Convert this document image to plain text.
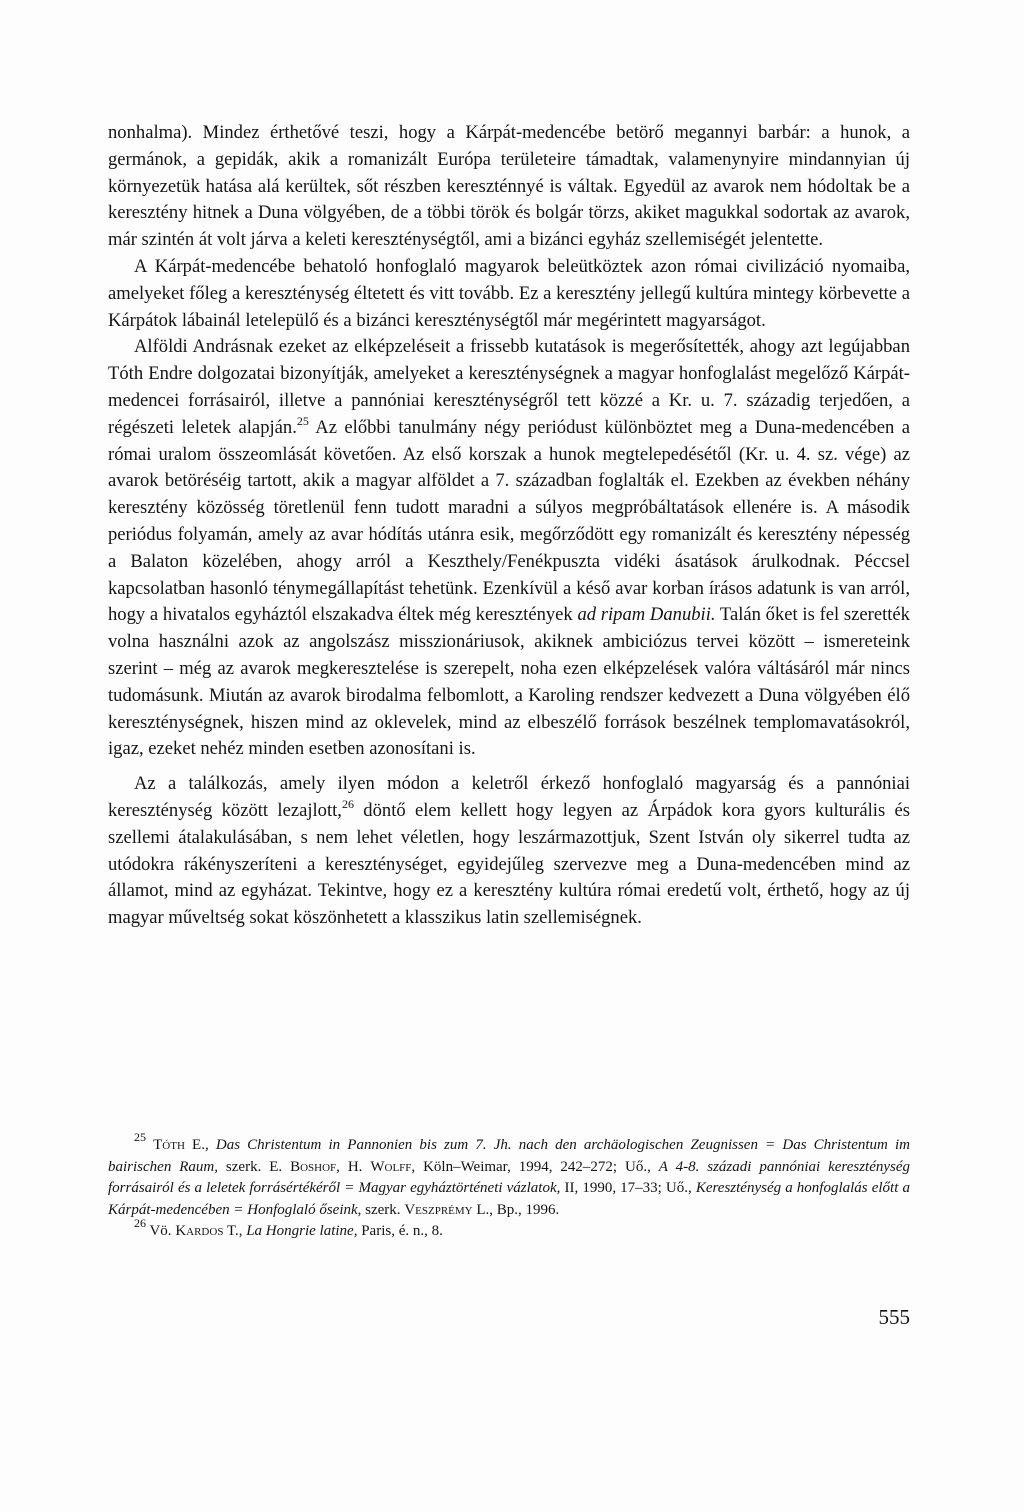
nonhalma). Mindez érthetővé teszi, hogy a Kárpát-medencébe betörő megannyi barbár: a hunok, a germánok, a gepidák, akik a romanizált Európa területeire támadtak, valamenynyire mindannyian új környezetük hatása alá kerültek, sőt részben kereszténnyé is váltak. Egyedül az avarok nem hódoltak be a keresztény hitnek a Duna völgyében, de a többi török és bolgár törzs, akiket magukkal sodortak az avarok, már szintén át volt járva a keleti kereszténységtől, ami a bizánci egyház szellemiségét jelentette.

A Kárpát-medencébe behatoló honfoglaló magyarok beleütköztek azon római civilizáció nyomaiba, amelyeket főleg a kereszténység éltetett és vitt tovább. Ez a keresztény jellegű kultúra mintegy körbevette a Kárpátok lábainál letelepülő és a bizánci kereszténységtől már megérintett magyarságot.

Alföldi Andrásnak ezeket az elképzeléseit a frissebb kutatások is megerősítették, ahogy azt legújabban Tóth Endre dolgozatai bizonyítják, amelyeket a kereszténységnek a magyar honfoglalást megelőző Kárpát-medencei forrásairól, illetve a pannóniai kereszténységről tett közzé a Kr. u. 7. századig terjedően, a régészeti leletek alapján.$^{25}$ Az előbbi tanulmány négy periódust különböztet meg a Duna-medencében a római uralom összeomlását követően. Az első korszak a hunok megtelepedésétől (Kr. u. 4. sz. vége) az avarok betöréséig tartott, akik a magyar alföldet a 7. században foglalták el. Ezekben az években néhány keresztény közösség töretlenül fenn tudott maradni a súlyos megpróbáltatások ellenére is. A második periódus folyamán, amely az avar hódítás utánra esik, megőrződött egy romanizált és keresztény népesség a Balaton közelében, ahogy arról a Keszthely/Fenékpuszta vidéki ásatások árulkodnak. Péccsel kapcsolatban hasonló ténymegállapítást tehetünk. Ezenkívül a késő avar korban írásos adatunk is van arról, hogy a hivatalos egyháztól elszakadva éltek még keresztények ad ripam Danubii. Talán őket is fel szerették volna használni azok az angolszász misszionáriusok, akiknek ambiciózus tervei között – ismereteink szerint – még az avarok megkeresztelése is szerepelt, noha ezen elképzelések valóra váltásáról már nincs tudomásunk. Miután az avarok birodalma felbomlott, a Karoling rendszer kedvezett a Duna völgyében élő kereszténységnek, hiszen mind az oklevelek, mind az elbeszélő források beszélnek templomavatásokról, igaz, ezeket nehéz minden esetben azonosítani is.

Az a találkozás, amely ilyen módon a keletről érkező honfoglaló magyarság és a pannóniai kereszténység között lezajlott,$^{26}$ döntő elem kellett hogy legyen az Árpádok kora gyors kulturális és szellemi átalakulásában, s nem lehet véletlen, hogy leszármazottjuk, Szent István oly sikerrel tudta az utódokra rákényszeríteni a kereszténységet, egyidejűleg szervezve meg a Duna-medencében mind az államot, mind az egyházat. Tekintve, hogy ez a keresztény kultúra római eredetű volt, érthető, hogy az új magyar műveltség sokat köszönhetett a klasszikus latin szellemiségnek.

$^{25}$ Tóth E., Das Christentum in Pannonien bis zum 7. Jh. nach den archäologischen Zeugnissen = Das Christentum im bairischen Raum, szerk. E. Boshof, H. Wolff, Köln–Weimar, 1994, 242–272; Uő., A 4-8. századi pannóniai kereszténység forrásairól és a leletek forrásértékéről = Magyar egyháztörténeti vázlatok, II, 1990, 17–33; Uő., Kereszténység a honfoglalás előtt a Kárpát-medencében = Honfoglaló őseink, szerk. Veszprémy L., Bp., 1996.

$^{26}$ Vö. Kardos T., La Hongrie latine, Paris, é. n., 8.

555
